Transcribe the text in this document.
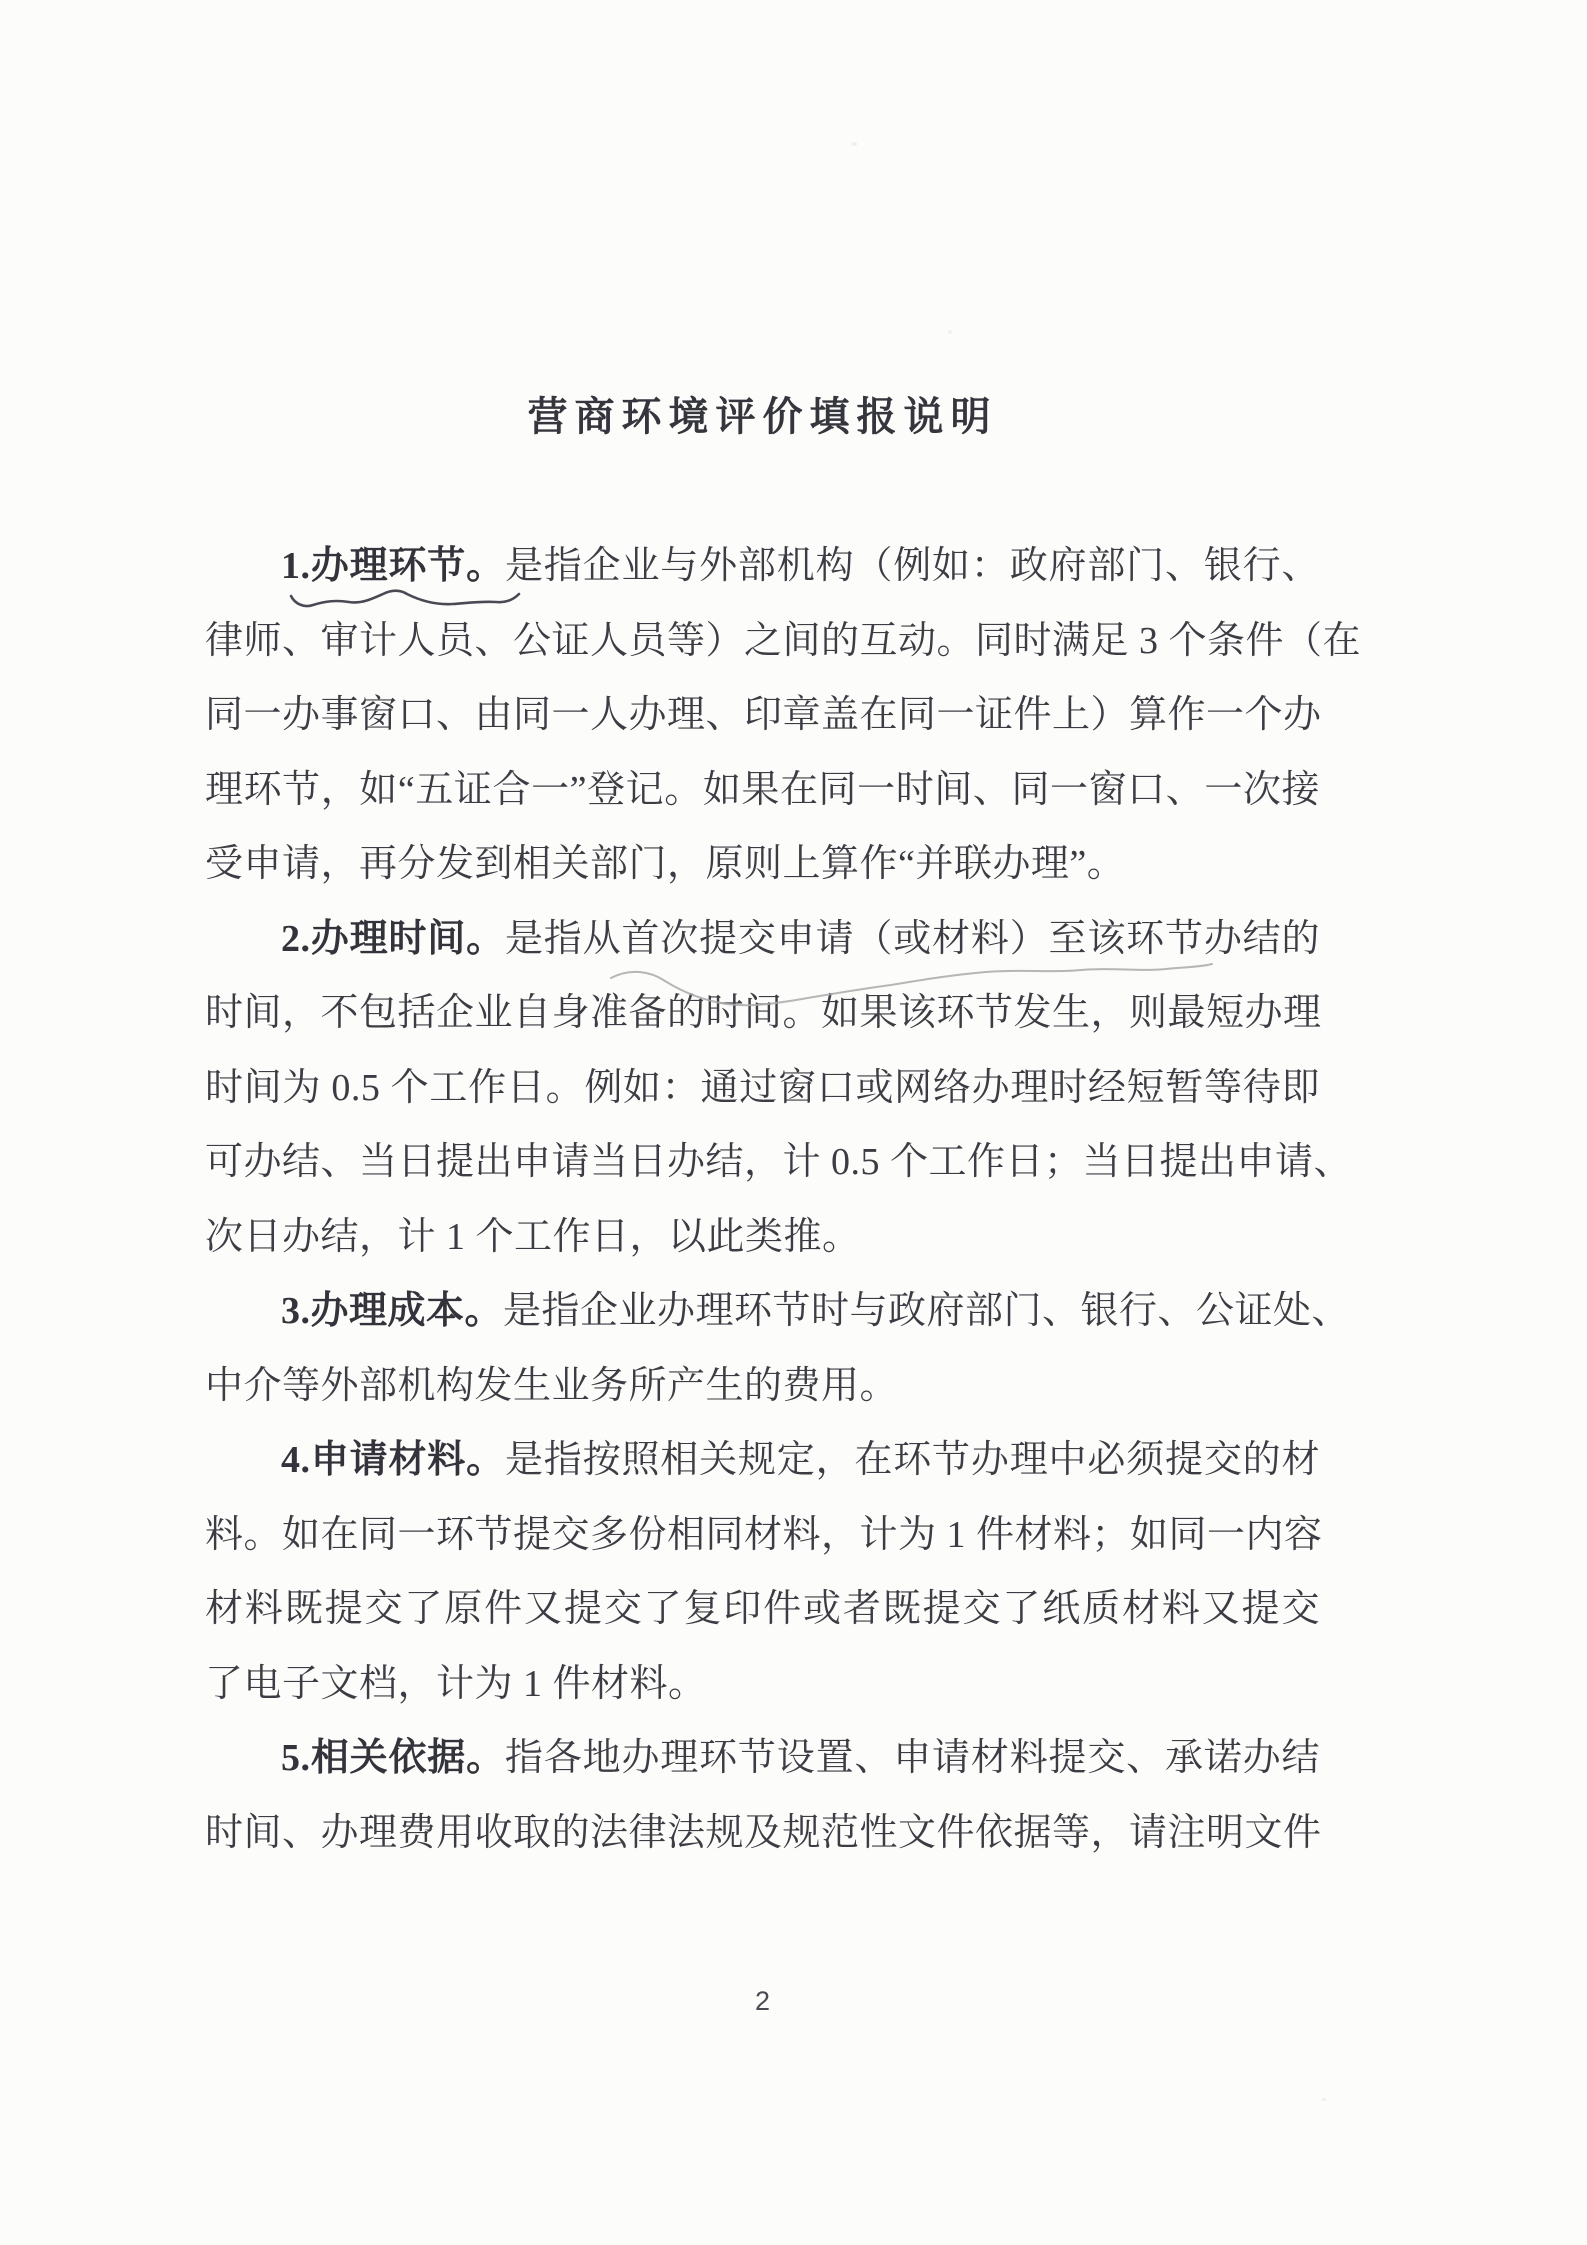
营商环境评价填报说明
1.办理环节。是指企业与外部机构（例如：政府部门、银行、
律师、审计人员、公证人员等）之间的互动。同时满足 3 个条件（在
同一办事窗口、由同一人办理、印章盖在同一证件上）算作一个办
理环节，如“五证合一”登记。如果在同一时间、同一窗口、一次接
受申请，再分发到相关部门，原则上算作“并联办理”。
2.办理时间。是指从首次提交申请（或材料）至该环节办结的
时间，不包括企业自身准备的时间。如果该环节发生，则最短办理
时间为 0.5 个工作日。例如：通过窗口或网络办理时经短暂等待即
可办结、当日提出申请当日办结，计 0.5 个工作日；当日提出申请、
次日办结，计 1 个工作日，以此类推。
3.办理成本。是指企业办理环节时与政府部门、银行、公证处、
中介等外部机构发生业务所产生的费用。
4.申请材料。是指按照相关规定，在环节办理中必须提交的材
料。如在同一环节提交多份相同材料，计为 1 件材料；如同一内容
材料既提交了原件又提交了复印件或者既提交了纸质材料又提交
了电子文档，计为 1 件材料。
5.相关依据。指各地办理环节设置、申请材料提交、承诺办结
时间、办理费用收取的法律法规及规范性文件依据等，请注明文件
2
